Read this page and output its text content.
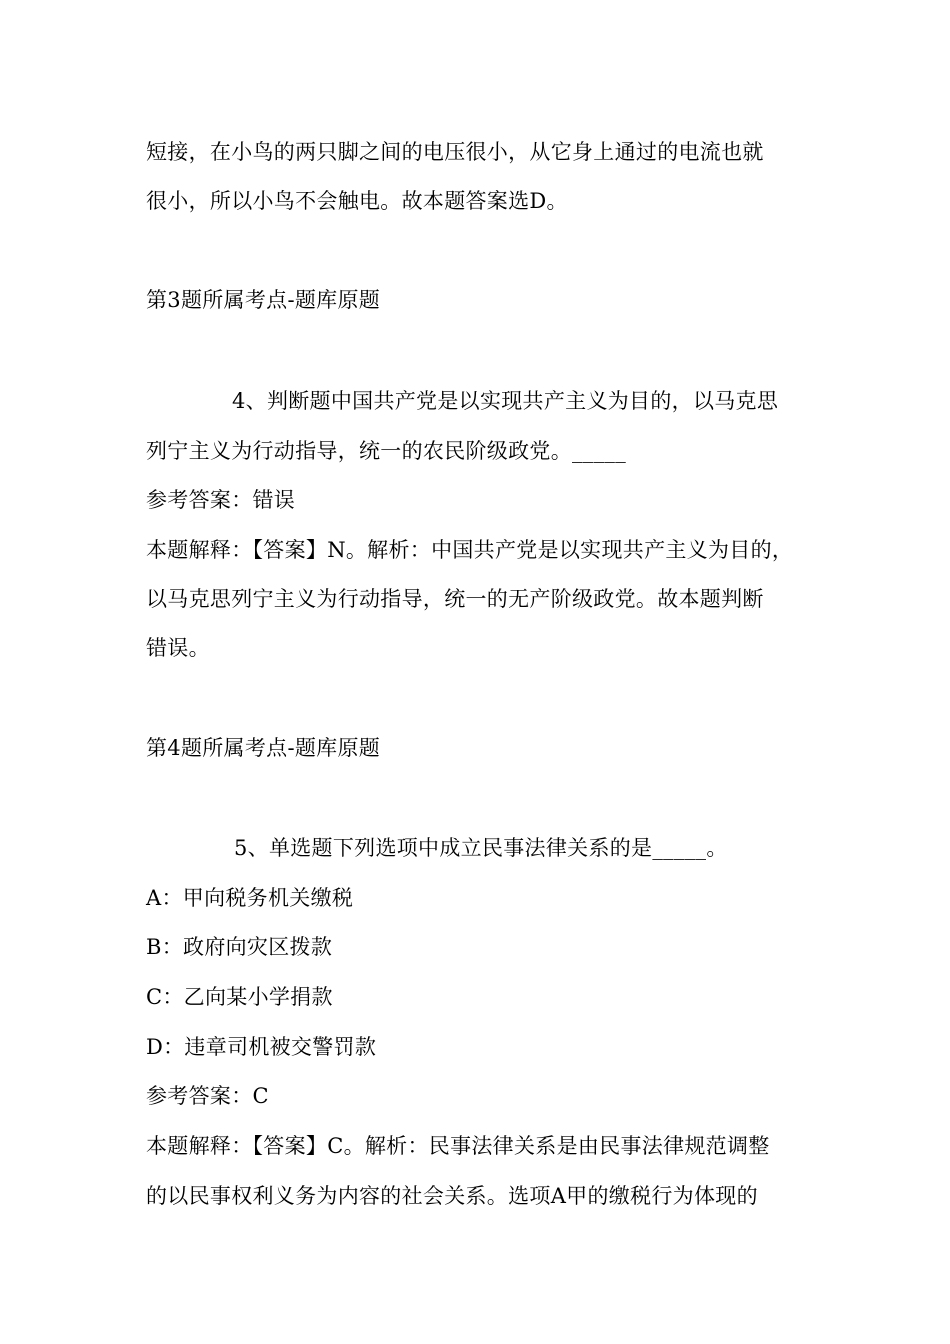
短接，在小鸟的两只脚之间的电压很小，从它身上通过的电流也就
很小，所以小鸟不会触电。故本题答案选D。
第3题所属考点-题库原题
4、判断题中国共产党是以实现共产主义为目的，以马克思
列宁主义为行动指导，统一的农民阶级政党。_____
参考答案：错误
本题解释：【答案】N。解析：中国共产党是以实现共产主义为目的，
以马克思列宁主义为行动指导，统一的无产阶级政党。故本题判断
错误。
第4题所属考点-题库原题
5、单选题下列选项中成立民事法律关系的是_____。
A：甲向税务机关缴税
B：政府向灾区拨款
C：乙向某小学捐款
D：违章司机被交警罚款
参考答案：C
本题解释：【答案】C。解析：民事法律关系是由民事法律规范调整
的以民事权利义务为内容的社会关系。选项A甲的缴税行为体现的
